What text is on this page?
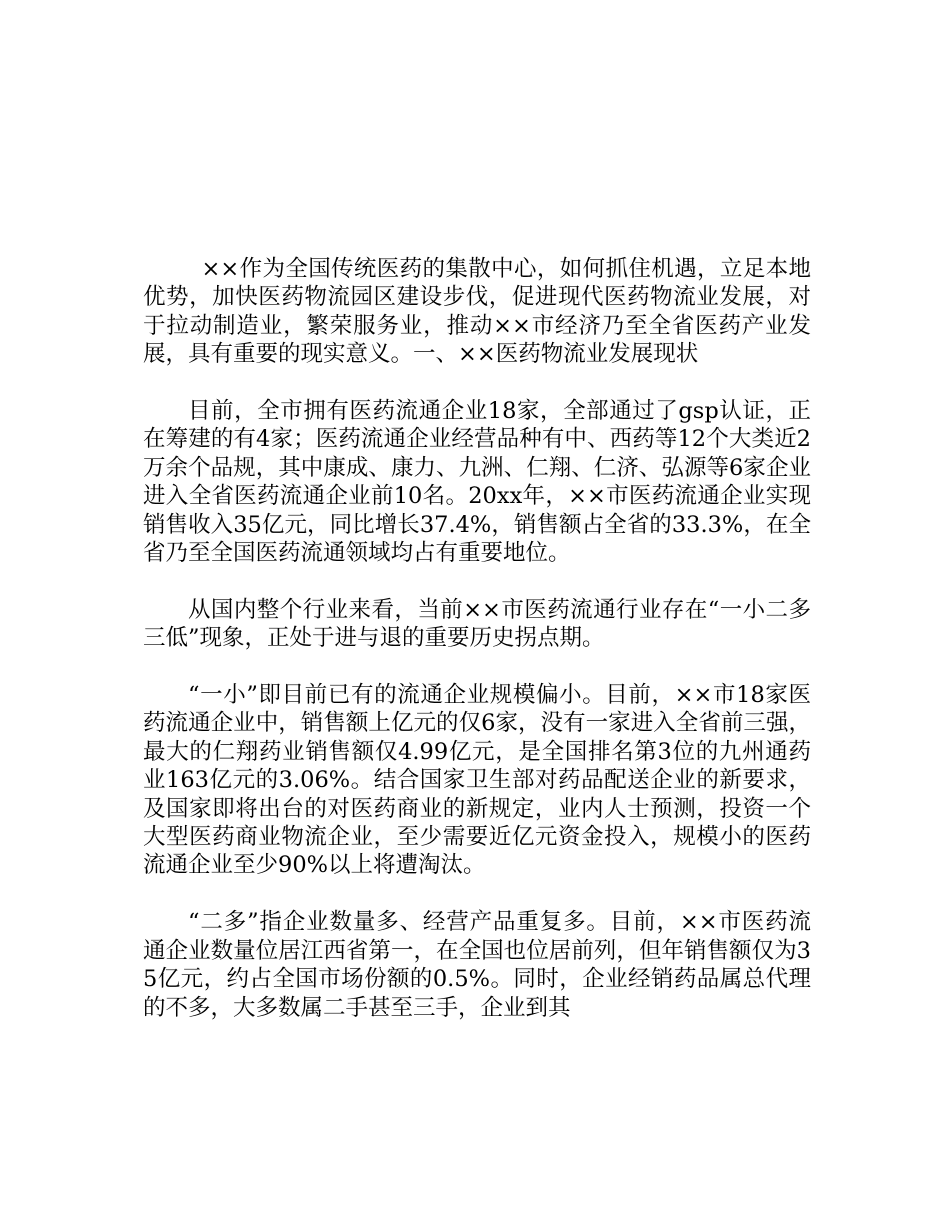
××作为全国传统医药的集散中心，如何抓住机遇，立足本地优势，加快医药物流园区建设步伐，促进现代医药物流业发展，对于拉动制造业，繁荣服务业，推动××市经济乃至全省医药产业发展，具有重要的现实意义。一、××医药物流业发展现状

目前，全市拥有医药流通企业18家，全部通过了gsp认证，正在筹建的有4家；医药流通企业经营品种有中、西药等12个大类近2万余个品规，其中康成、康力、九洲、仁翔、仁济、弘源等6家企业进入全省医药流通企业前10名。20xx年，××市医药流通企业实现销售收入35亿元，同比增长37.4%，销售额占全省的33.3%，在全省乃至全国医药流通领域均占有重要地位。

从国内整个行业来看，当前××市医药流通行业存在“一小二多三低”现象，正处于进与退的重要历史拐点期。

“一小”即目前已有的流通企业规模偏小。目前，××市18家医药流通企业中，销售额上亿元的仅6家，没有一家进入全省前三强，最大的仁翔药业销售额仅4.99亿元，是全国排名第3位的九州通药业163亿元的3.06%。结合国家卫生部对药品配送企业的新要求，及国家即将出台的对医药商业的新规定，业内人士预测，投资一个大型医药商业物流企业，至少需要近亿元资金投入，规模小的医药流通企业至少90%以上将遭淘汰。

“二多”指企业数量多、经营产品重复多。目前，××市医药流通企业数量位居江西省第一，在全国也位居前列，但年销售额仅为35亿元，约占全国市场份额的0.5%。同时，企业经销药品属总代理的不多，大多数属二手甚至三手，企业到其
